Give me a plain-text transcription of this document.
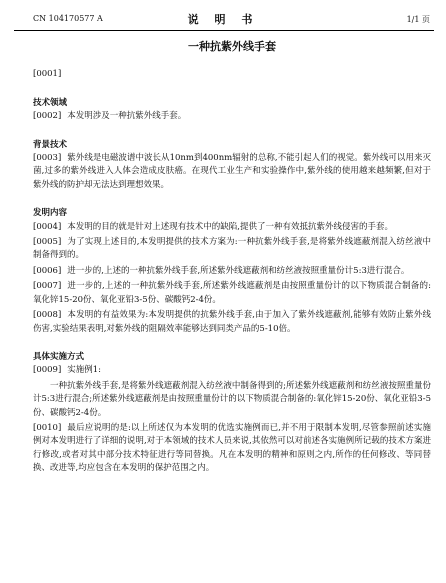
CN 104170577 A	说 明 书	1/1 页
一种抗紫外线手套
[0001]
技术领域
[0002] 本发明涉及一种抗紫外线手套。
背景技术
[0003] 紫外线是电磁波谱中波长从10nm到400nm辐射的总称,不能引起人们的视觉。紫外线可以用来灭菌,过多的紫外线进入人体会造成皮肤癌。在现代工业生产和实验操作中,紫外线的使用越来越频繁,但对于紫外线的防护却无法达到理想效果。
发明内容
[0004] 本发明的目的就是针对上述现有技术中的缺陷,提供了一种有效抵抗紫外线侵害的手套。
[0005] 为了实现上述目的,本发明提供的技术方案为:一种抗紫外线手套,是将紫外线遮蔽剂混入纺丝液中制备得到的。
[0006] 进一步的,上述的一种抗紫外线手套,所述紫外线遮蔽剂和纺丝液按照重量份计5:3进行混合。
[0007] 进一步的,上述的一种抗紫外线手套,所述紫外线遮蔽剂是由按照重量份计的以下物质混合制备的:氧化锌15-20份、氧化亚铅3-5份、碳酸钙2-4份。
[0008] 本发明的有益效果为:本发明提供的抗紫外线手套,由于加入了紫外线遮蔽剂,能够有效防止紫外线伤害,实验结果表明,对紫外线的阻隔效率能够达到同类产品的5-10倍。
具体实施方式
[0009] 实施例1:
一种抗紫外线手套,是将紫外线遮蔽剂混入纺丝液中制备得到的;所述紫外线遮蔽剂和纺丝液按照重量份计5:3进行混合;所述紫外线遮蔽剂是由按照重量份计的以下物质混合制备的:氧化锌15-20份、氧化亚铅3-5份、碳酸钙2-4份。
[0010] 最后应说明的是:以上所述仅为本发明的优选实施例而已,并不用于限制本发明,尽管参照前述实施例对本发明进行了详细的说明,对于本领域的技术人员来说,其依然可以对前述各实施例所记载的技术方案进行修改,或者对其中部分技术特征进行等同替换。凡在本发明的精神和原则之内,所作的任何修改、等同替换、改进等,均应包含在本发明的保护范围之内。
